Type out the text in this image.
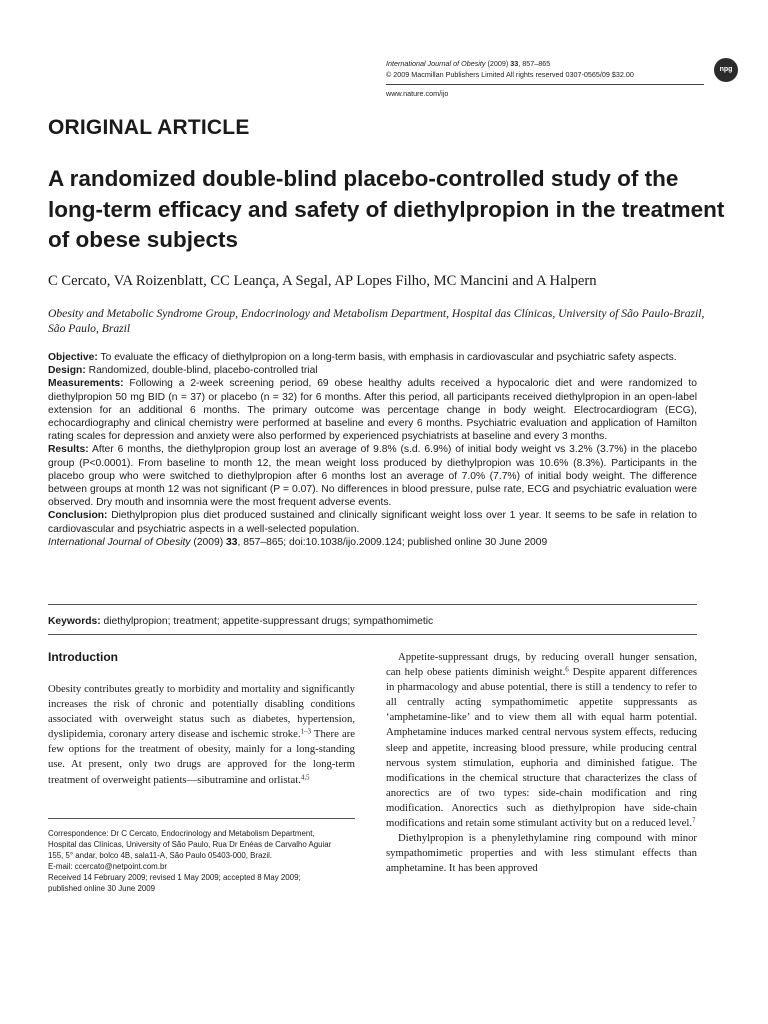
International Journal of Obesity (2009) 33, 857–865
© 2009 Macmillan Publishers Limited All rights reserved 0307-0565/09 $32.00
www.nature.com/ijo
npg
ORIGINAL ARTICLE
A randomized double-blind placebo-controlled study of the long-term efficacy and safety of diethylpropion in the treatment of obese subjects
C Cercato, VA Roizenblatt, CC Leança, A Segal, AP Lopes Filho, MC Mancini and A Halpern
Obesity and Metabolic Syndrome Group, Endocrinology and Metabolism Department, Hospital das Clínicas, University of São Paulo-Brazil, São Paulo, Brazil

Objective: To evaluate the efficacy of diethylpropion on a long-term basis, with emphasis in cardiovascular and psychiatric safety aspects.

Design: Randomized, double-blind, placebo-controlled trial

Measurements: Following a 2-week screening period, 69 obese healthy adults received a hypocaloric diet and were randomized to diethylpropion 50 mg BID (n = 37) or placebo (n = 32) for 6 months. After this period, all participants received diethylpropion in an open-label extension for an additional 6 months. The primary outcome was percentage change in body weight. Electrocardiogram (ECG), echocardiography and clinical chemistry were performed at baseline and every 6 months. Psychiatric evaluation and application of Hamilton rating scales for depression and anxiety were also performed by experienced psychiatrists at baseline and every 3 months.

Results: After 6 months, the diethylpropion group lost an average of 9.8% (s.d. 6.9%) of initial body weight vs 3.2% (3.7%) in the placebo group (P<0.0001). From baseline to month 12, the mean weight loss produced by diethylpropion was 10.6% (8.3%). Participants in the placebo group who were switched to diethylpropion after 6 months lost an average of 7.0% (7.7%) of initial body weight. The difference between groups at month 12 was not significant (P = 0.07). No differences in blood pressure, pulse rate, ECG and psychiatric evaluation were observed. Dry mouth and insomnia were the most frequent adverse events.

Conclusion: Diethylpropion plus diet produced sustained and clinically significant weight loss over 1 year. It seems to be safe in relation to cardiovascular and psychiatric aspects in a well-selected population.

International Journal of Obesity (2009) 33, 857–865; doi:10.1038/ijo.2009.124; published online 30 June 2009

Keywords: diethylpropion; treatment; appetite-suppressant drugs; sympathomimetic
Introduction

Obesity contributes greatly to morbidity and mortality and significantly increases the risk of chronic and potentially disabling conditions associated with overweight status such as diabetes, hypertension, dyslipidemia, coronary artery disease and ischemic stroke.$^{1-3}$ There are few options for the treatment of obesity, mainly for a long-standing use. At present, only two drugs are approved for the long-term treatment of overweight patients—sibutramine and orlistat.$^{4,5}$

Correspondence: Dr C Cercato, Endocrinology and Metabolism Department,
Hospital das Clínicas, University of São Paulo, Rua Dr Enéas de Carvalho Aguiar
155, 5° andar, bolco 4B, sala11-A, São Paulo 05403-000, Brazil.
E-mail: ccercato@netpoint.com.br
Received 14 February 2009; revised 1 May 2009; accepted 8 May 2009;
published online 30 June 2009

Appetite-suppressant drugs, by reducing overall hunger sensation, can help obese patients diminish weight.$^6$ Despite apparent differences in pharmacology and abuse potential, there is still a tendency to refer to all centrally acting sympathomimetic appetite suppressants as ‘amphetamine-like’ and to view them all with equal harm potential. Amphetamine induces marked central nervous system effects, reducing sleep and appetite, increasing blood pressure, while producing central nervous system stimulation, euphoria and diminished fatigue. The modifications in the chemical structure that characterizes the class of anorectics are of two types: side-chain modification and ring modification. Anorectics such as diethylpropion have side-chain modifications and retain some stimulant activity but on a reduced level.$^7$

Diethylpropion is a phenylethylamine ring compound with minor sympathomimetic properties and with less stimulant effects than amphetamine. It has been approved
